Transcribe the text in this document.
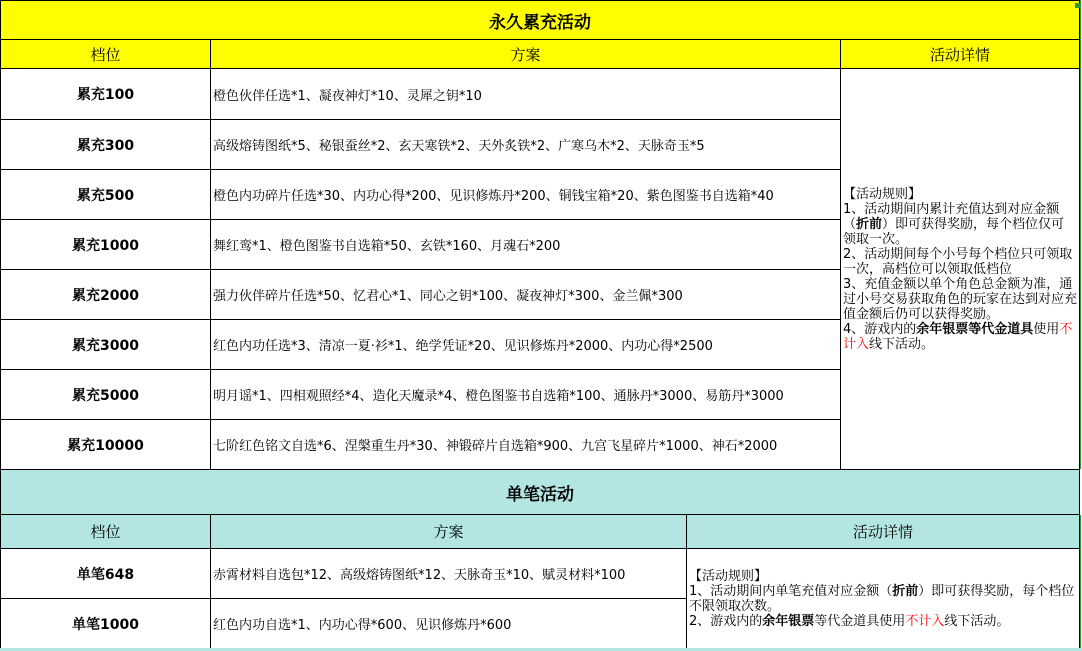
永久累充活动
档位	方案	活动详情
累充100	橙色伙伴任选*1、凝夜神灯*10、灵犀之钥*10
累充300	高级熔铸图纸*5、秘银蚕丝*2、玄天寒铁*2、天外炙铁*2、广寒乌木*2、天脉奇玉*5
累充500	橙色内功碎片任选*30、内功心得*200、见识修炼丹*200、铜钱宝箱*20、紫色图鉴书自选箱*40
累充1000	舞红鸾*1、橙色图鉴书自选箱*50、玄铁*160、月魂石*200
累充2000	强力伙伴碎片任选*50、忆君心*1、同心之钥*100、凝夜神灯*300、金兰佩*300
累充3000	红色内功任选*3、清凉一夏·衫*1、绝学凭证*20、见识修炼丹*2000、内功心得*2500
累充5000	明月谣*1、四相观照经*4、造化天魔录*4、橙色图鉴书自选箱*100、通脉丹*3000、易筋丹*3000
累充10000	七阶红色铭文自选*6、涅槃重生丹*30、神锻碎片自选箱*900、九宫飞星碎片*1000、神石*2000
【活动规则】
1、活动期间内累计充值达到对应金额（折前）即可获得奖励，每个档位仅可领取一次。
2、活动期间每个小号每个档位只可领取一次，高档位可以领取低档位
3、充值金额以单个角色总金额为准，通过小号交易获取角色的玩家在达到对应充值金额后仍可以获得奖励。
4、游戏内的余年银票等代金道具使用不计入线下活动。
单笔活动
档位	方案	活动详情
单笔648	赤霄材料自选包*12、高级熔铸图纸*12、天脉奇玉*10、赋灵材料*100
单笔1000	红色内功自选*1、内功心得*600、见识修炼丹*600
【活动规则】
1、活动期间内单笔充值对应金额（折前）即可获得奖励，每个档位不限领取次数。
2、游戏内的余年银票等代金道具使用不计入线下活动。
